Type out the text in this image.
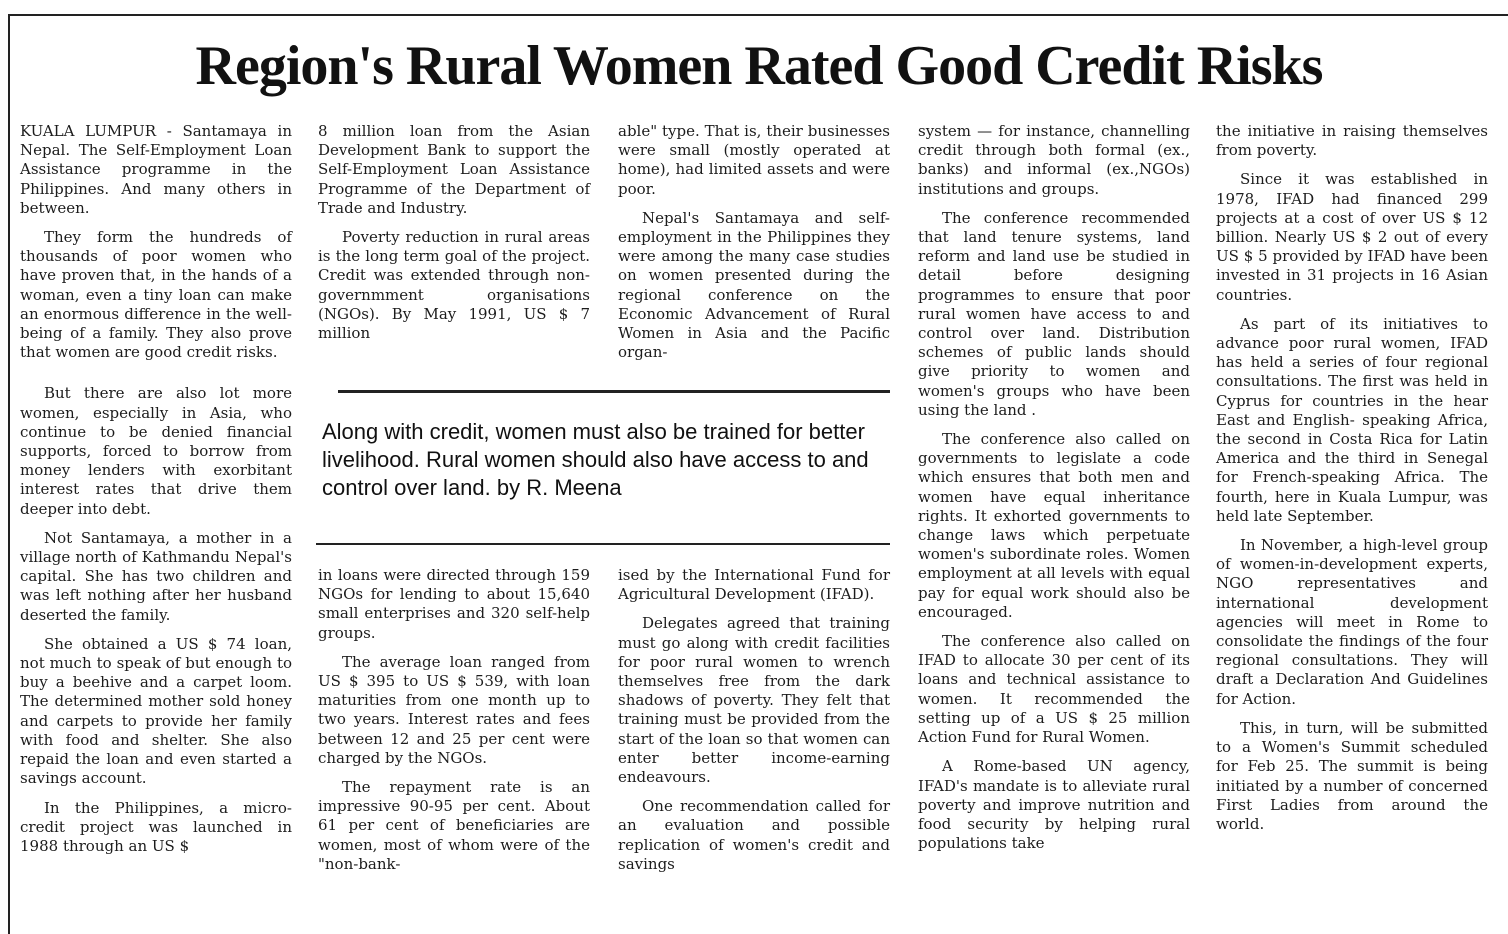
Region's Rural Women Rated Good Credit Risks

KUALA LUMPUR - Santamaya in Nepal. The Self-Employment Loan Assistance programme in the Philippines. And many others in between.

They form the hundreds of thousands of poor women who have proven that, in the hands of a woman, even a tiny loan can make an enormous difference in the well-being of a family. They also prove that women are good credit risks.

But there are also lot more women, especially in Asia, who continue to be denied financial supports, forced to borrow from money lenders with exorbitant interest rates that drive them deeper into debt.

Not Santamaya, a mother in a village north of Kathmandu Nepal's capital. She has two children and was left nothing after her husband deserted the family.

She obtained a US $ 74 loan, not much to speak of but enough to buy a beehive and a carpet loom. The determined mother sold honey and carpets to provide her family with food and shelter. She also repaid the loan and even started a savings account.

In the Philippines, a micro-credit project was launched in 1988 through an US $

8 million loan from the Asian Development Bank to support the Self-Employment Loan Assistance Programme of the Department of Trade and Industry.

Poverty reduction in rural areas is the long term goal of the project. Credit was extended through non-governmment organisations (NGOs). By May 1991, US $ 7 million

able" type. That is, their businesses were small (mostly operated at home), had limited assets and were poor.

Nepal's Santamaya and self-employment in the Philippines they were among the many case studies on women presented during the regional conference on the Economic Advancement of Rural Women in Asia and the Pacific organ-

Along with credit, women must also be trained for better livelihood. Rural women should also have access to and control over land. by R. Meena

in loans were directed through 159 NGOs for lending to about 15,640 small enterprises and 320 self-help groups.

The average loan ranged from US $ 395 to US $ 539, with loan maturities from one month up to two years. Interest rates and fees between 12 and 25 per cent were charged by the NGOs.

The repayment rate is an impressive 90-95 per cent. About 61 per cent of beneficiaries are women, most of whom were of the "non-bank-

ised by the International Fund for Agricultural Development (IFAD).

Delegates agreed that training must go along with credit facilities for poor rural women to wrench themselves free from the dark shadows of poverty. They felt that training must be provided from the start of the loan so that women can enter better income-earning endeavours.

One recommendation called for an evaluation and possible replication of women's credit and savings

system — for instance, channelling credit through both formal (ex., banks) and informal (ex.,NGOs) institutions and groups.

The conference recommended that land tenure systems, land reform and land use be studied in detail before designing programmes to ensure that poor rural women have access to and control over land. Distribution schemes of public lands should give priority to women and women's groups who have been using the land .

The conference also called on governments to legislate a code which ensures that both men and women have equal inheritance rights. It exhorted governments to change laws which perpetuate women's subordinate roles. Women employment at all levels with equal pay for equal work should also be encouraged.

The conference also called on IFAD to allocate 30 per cent of its loans and technical assistance to women. It recommended the setting up of a US $ 25 million Action Fund for Rural Women.

A Rome-based UN agency, IFAD's mandate is to alleviate rural poverty and improve nutrition and food security by helping rural populations take

the initiative in raising themselves from poverty.

Since it was established in 1978, IFAD had financed 299 projects at a cost of over US $ 12 billion. Nearly US $ 2 out of every US $ 5 provided by IFAD have been invested in 31 projects in 16 Asian countries.

As part of its initiatives to advance poor rural women, IFAD has held a series of four regional consultations. The first was held in Cyprus for countries in the hear East and English- speaking Africa, the second in Costa Rica for Latin America and the third in Senegal for French-speaking Africa. The fourth, here in Kuala Lumpur, was held late September.

In November, a high-level group of women-in-development experts, NGO representatives and international development agencies will meet in Rome to consolidate the findings of the four regional consultations. They will draft a Declaration And Guidelines for Action.

This, in turn, will be submitted to a Women's Summit scheduled for Feb 25. The summit is being initiated by a number of concerned First Ladies from around the world.
